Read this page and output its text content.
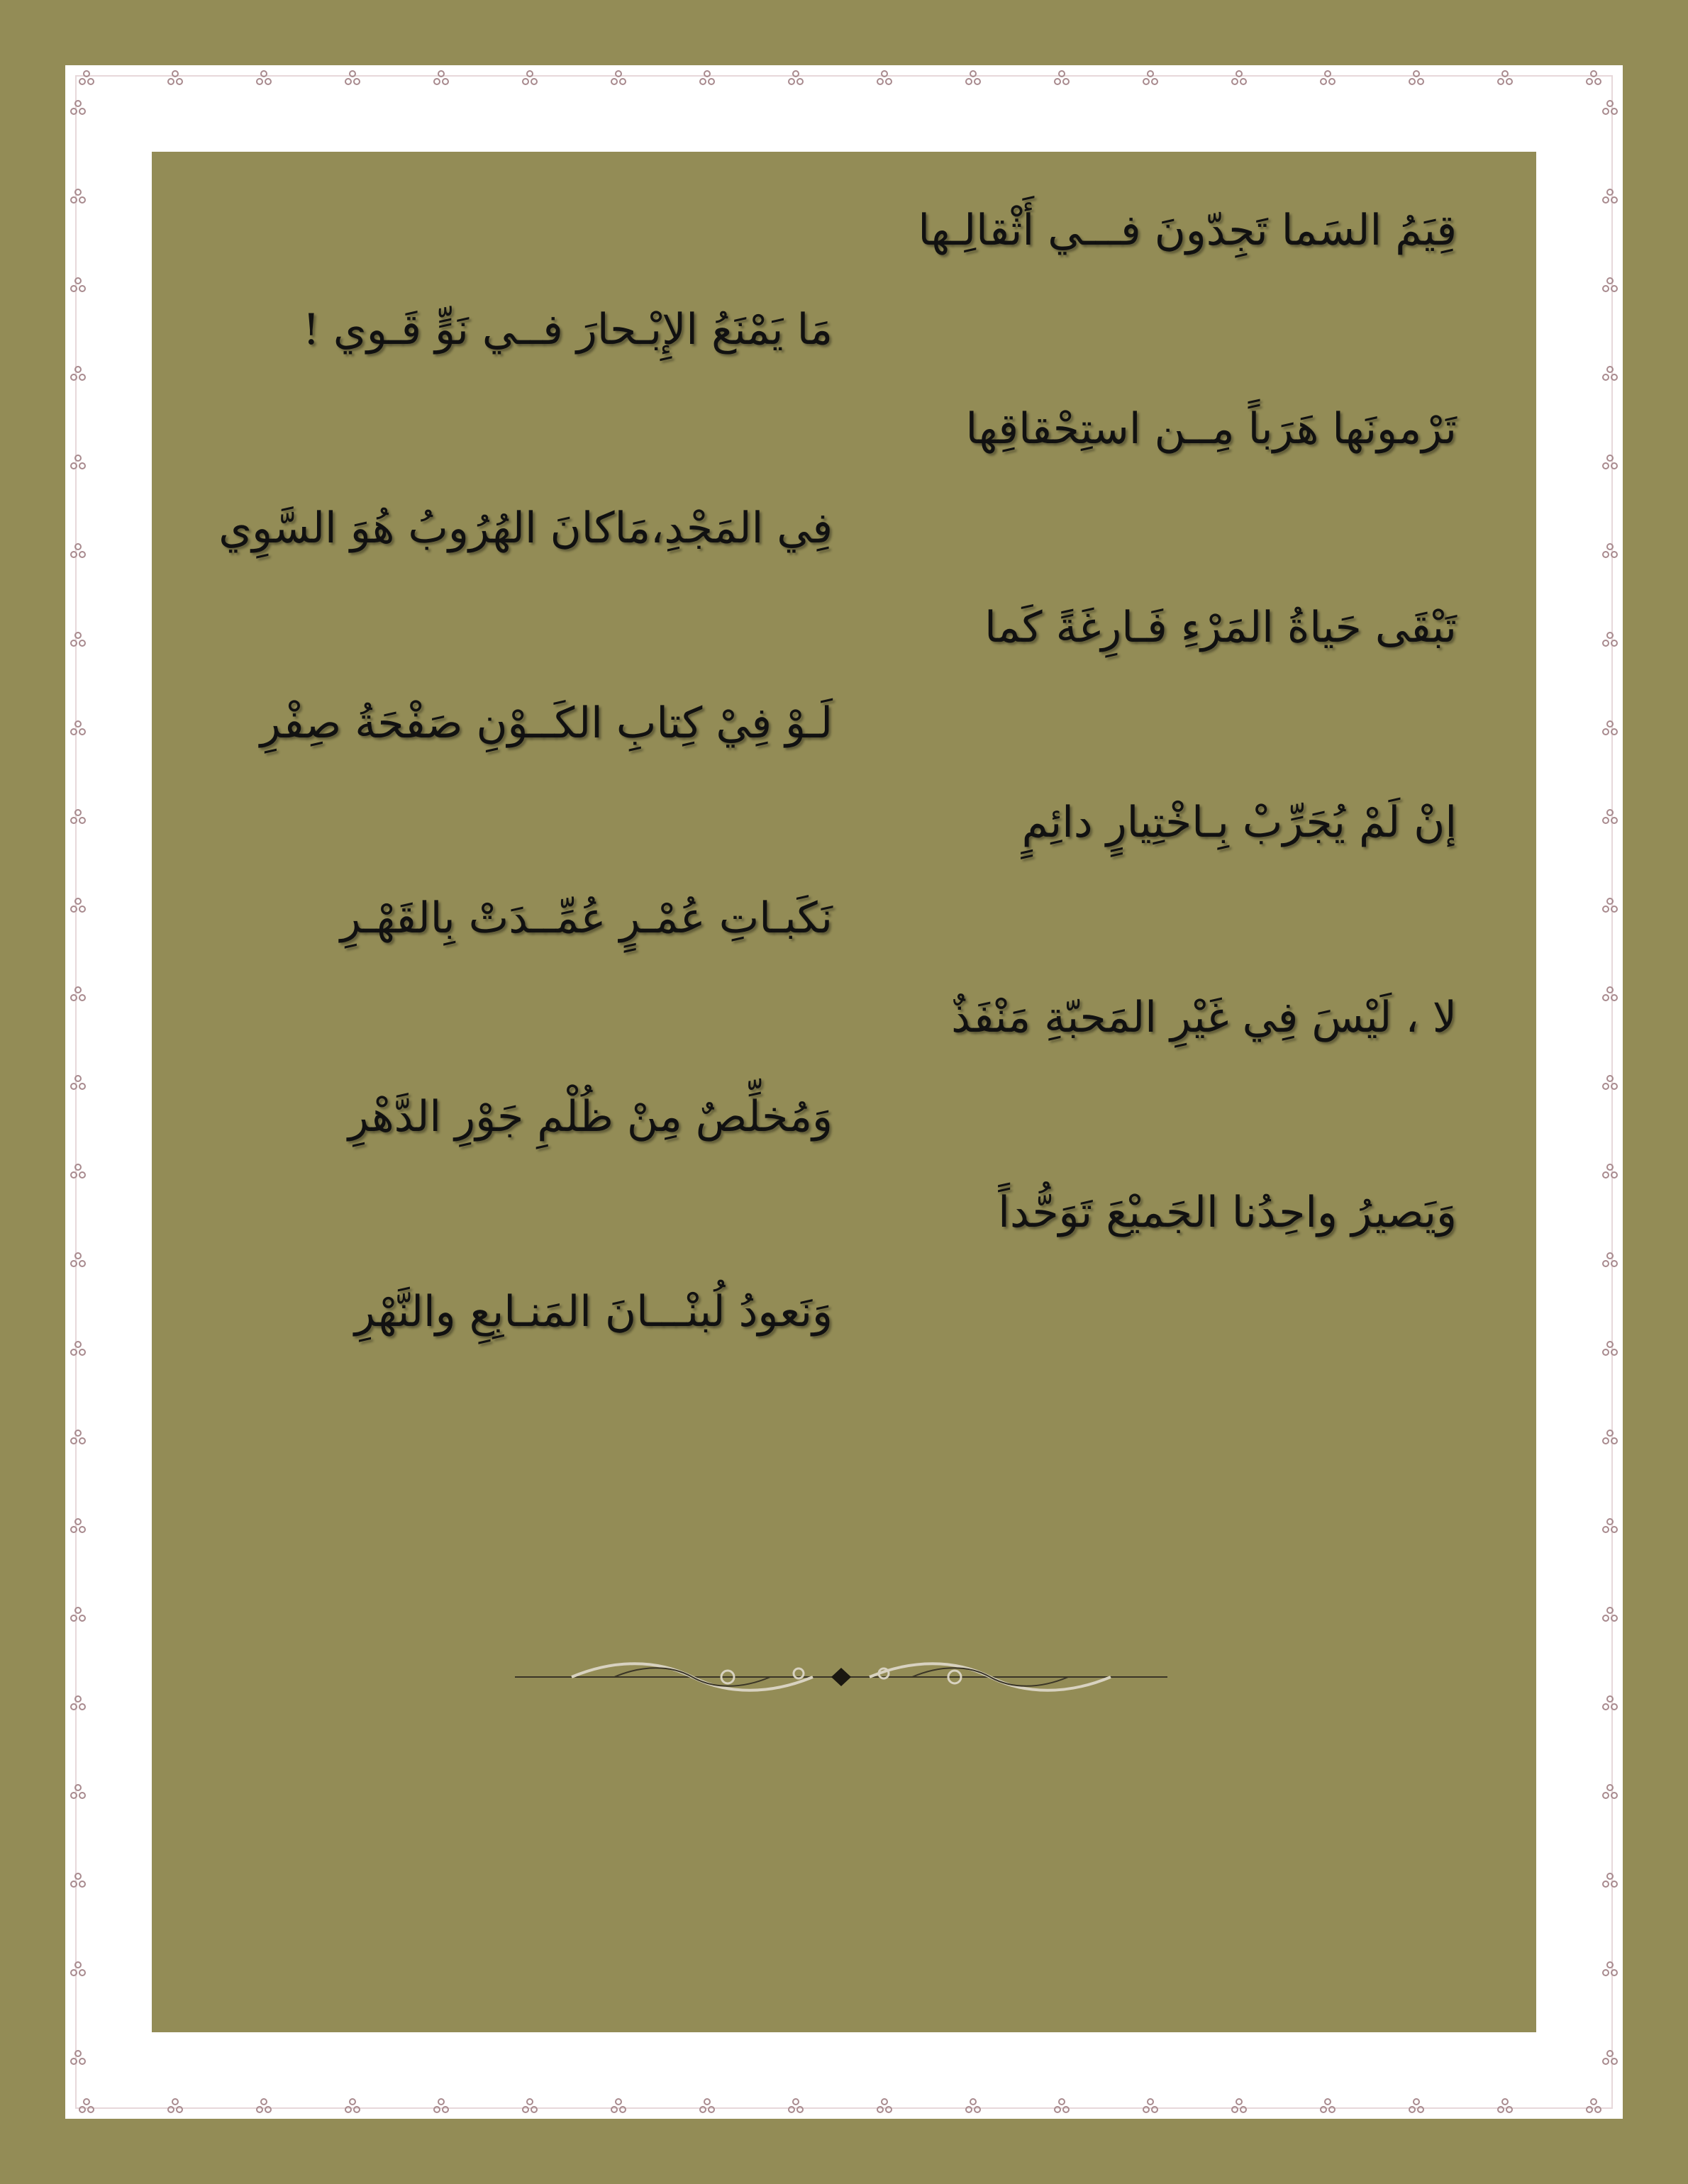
قِيَمُ السَما تَجِدّونَ فـــي أَثْقالِـها
مَا يَمْنَعُ الإِبْـحارَ فــي نَوٍّ قَـوي !
تَرْمونَها هَرَباً مِــن استِحْقاقِها
فِي المَجْدِ،مَاكانَ الهُرُوبُ هُوَ السَّوِي
تَبْقَى حَياةُ المَرْءِ فَـارِغَةً كَما
لَـوْ فِيْ كِتابِ الكَــوْنِ صَفْحَةُ صِفْرِ
إنْ لَمْ يُجَرِّبْ بِـاخْتِيارٍ دائِمٍ
نَكَبـاتِ عُمْـرٍ عُمِّــدَتْ بِالقَهْـرِ
لا ، لَيْسَ فِي غَيْرِ المَحبّةِ مَنْفَذٌ
وَمُخلِّصٌ مِنْ ظُلْمِ جَوْرِ الدَّهْرِ
وَيَصيرُ واحِدُنا الجَميْعَ تَوَحُّداً
وَنَعودُ لُبنْـــانَ المَنـابِعِ والنَّهْرِ
